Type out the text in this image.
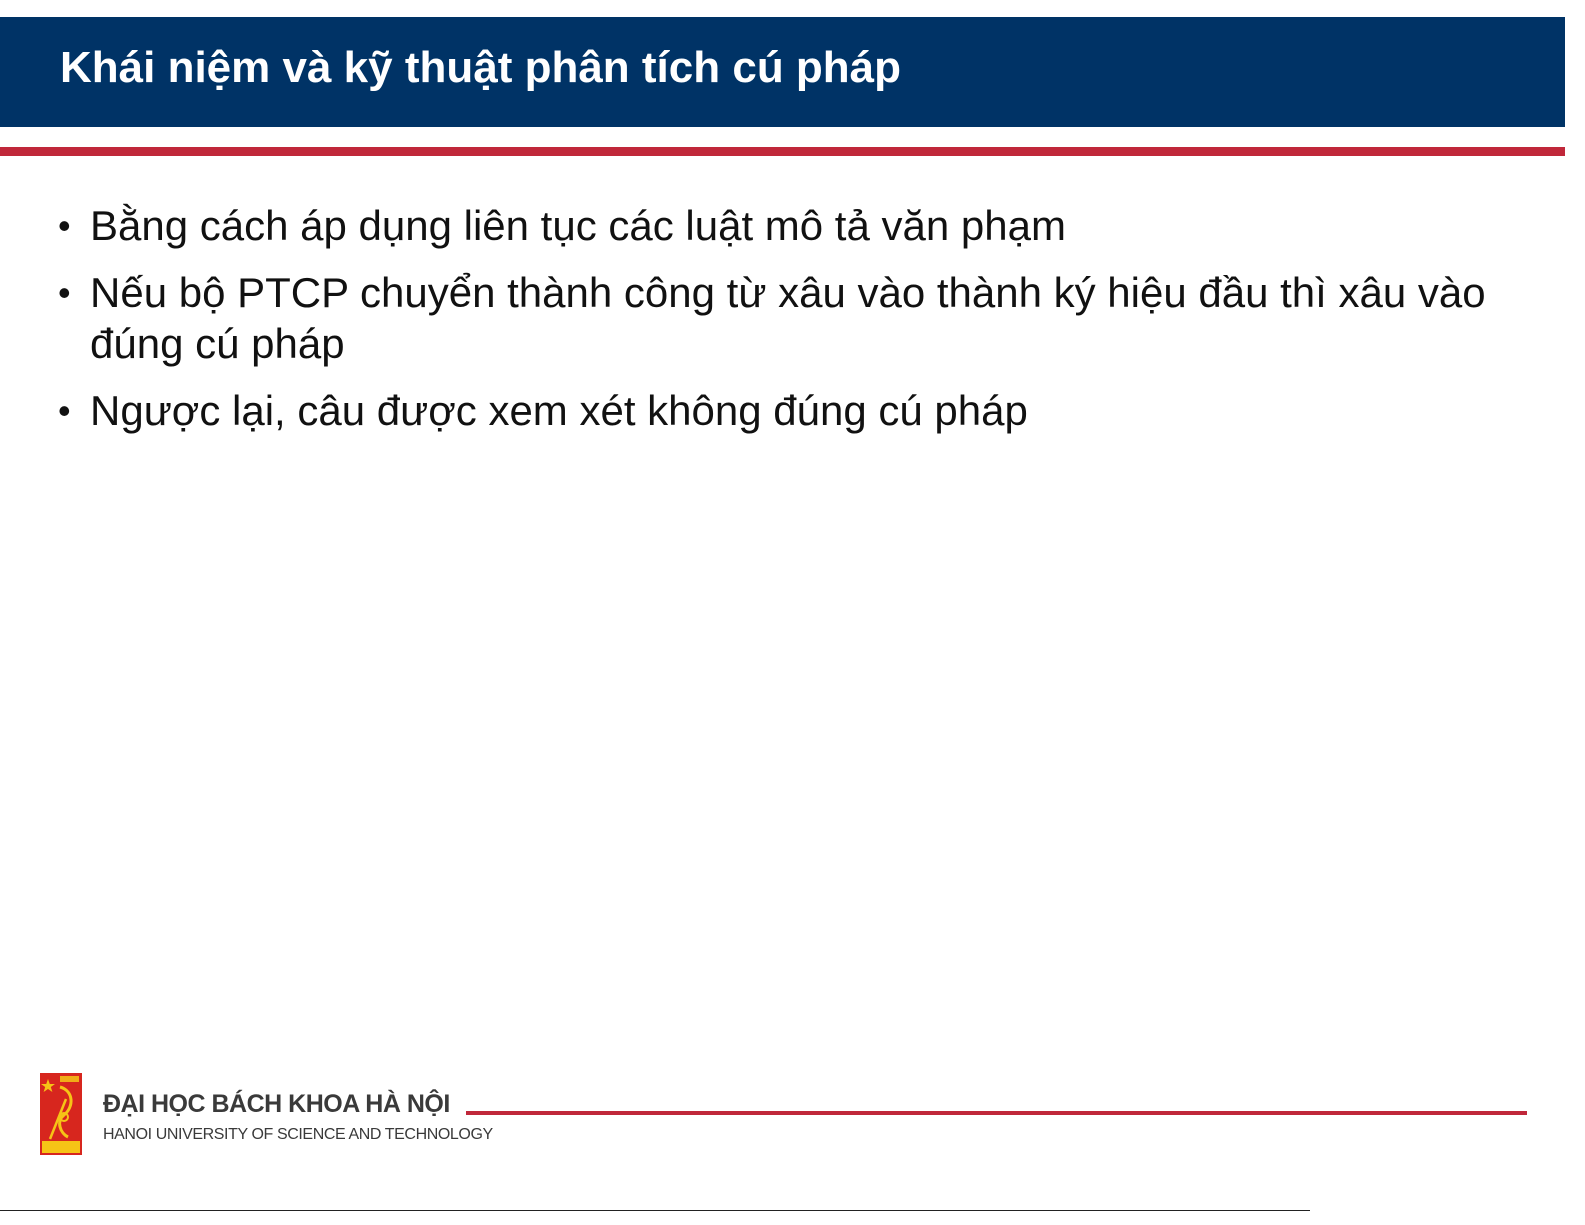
Khái niệm và kỹ thuật phân tích cú pháp
• Bằng cách áp dụng liên tục các luật mô tả văn phạm
• Nếu bộ PTCP chuyển thành công từ xâu vào thành ký hiệu đầu thì xâu vào đúng cú pháp
• Ngược lại, câu được xem xét không đúng cú pháp
ĐẠI HỌC BÁCH KHOA HÀ NỘI
HANOI UNIVERSITY OF SCIENCE AND TECHNOLOGY
